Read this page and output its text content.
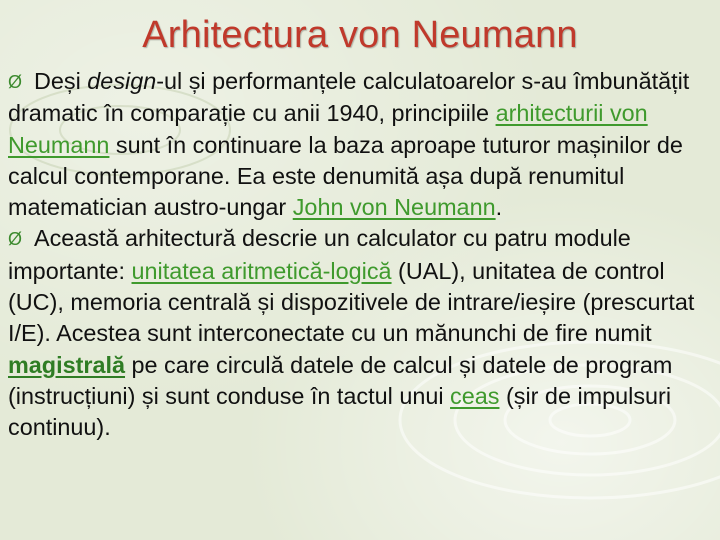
Arhitectura von Neumann

Ø Deși design-ul și performanțele calculatoarelor s-au îmbunătățit dramatic în comparație cu anii 1940, principiile arhitecturii von Neumann sunt în continuare la baza aproape tuturor mașinilor de calcul contemporane. Ea este denumită așa după renumitul matematician austro-ungar John von Neumann.

Ø Această arhitectură descrie un calculator cu patru module importante: unitatea aritmetică-logică (UAL), unitatea de control (UC), memoria centrală și dispozitivele de intrare/ieșire (prescurtat I/E). Acestea sunt interconectate cu un mănunchi de fire numit magistrală pe care circulă datele de calcul și datele de program (instrucțiuni) și sunt conduse în tactul unui ceas (șir de impulsuri continuu).
